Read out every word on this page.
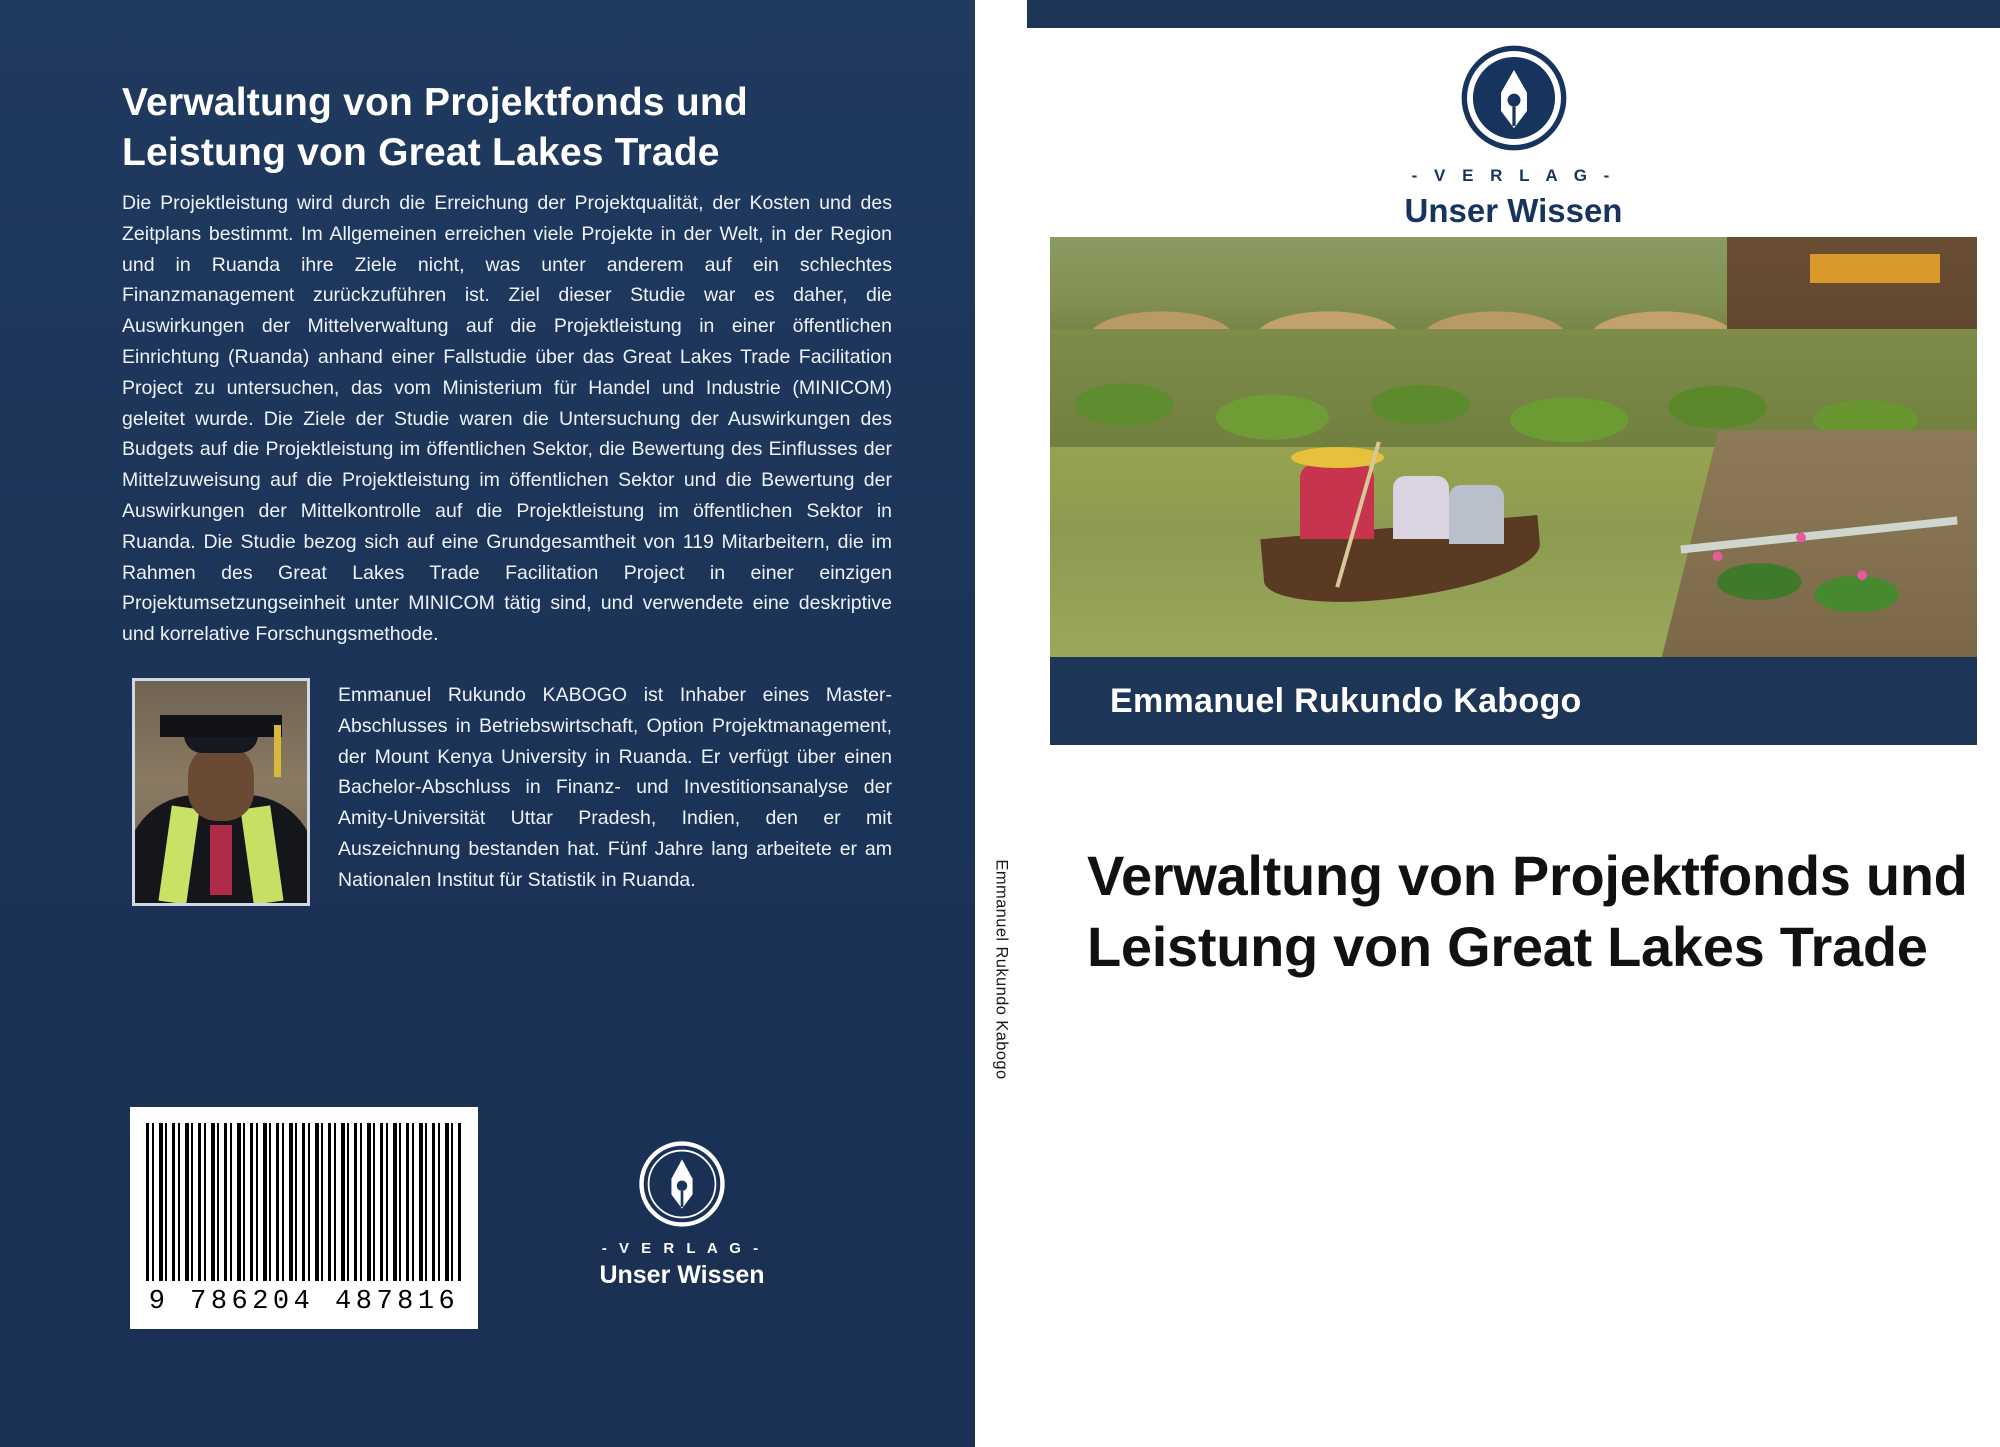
Verwaltung von Projektfonds und Leistung von Great Lakes Trade
Die Projektleistung wird durch die Erreichung der Projektqualität, der Kosten und des Zeitplans bestimmt. Im Allgemeinen erreichen viele Projekte in der Welt, in der Region und in Ruanda ihre Ziele nicht, was unter anderem auf ein schlechtes Finanzmanagement zurückzuführen ist. Ziel dieser Studie war es daher, die Auswirkungen der Mittelverwaltung auf die Projektleistung in einer öffentlichen Einrichtung (Ruanda) anhand einer Fallstudie über das Great Lakes Trade Facilitation Project zu untersuchen, das vom Ministerium für Handel und Industrie (MINICOM) geleitet wurde. Die Ziele der Studie waren die Untersuchung der Auswirkungen des Budgets auf die Projektleistung im öffentlichen Sektor, die Bewertung des Einflusses der Mittelzuweisung auf die Projektleistung im öffentlichen Sektor und die Bewertung der Auswirkungen der Mittelkontrolle auf die Projektleistung im öffentlichen Sektor in Ruanda. Die Studie bezog sich auf eine Grundgesamtheit von 119 Mitarbeitern, die im Rahmen des Great Lakes Trade Facilitation Project in einer einzigen Projektumsetzungseinheit unter MINICOM tätig sind, und verwendete eine deskriptive und korrelative Forschungsmethode.
Emmanuel Rukundo KABOGO ist Inhaber eines Master-Abschlusses in Betriebswirtschaft, Option Projektmanagement, der Mount Kenya University in Ruanda. Er verfügt über einen Bachelor-Abschluss in Finanz- und Investitionsanalyse der Amity-Universität Uttar Pradesh, Indien, den er mit Auszeichnung bestanden hat. Fünf Jahre lang arbeitete er am Nationalen Institut für Statistik in Ruanda.
9 786204 487816
- V E R L A G -
Unser Wissen
Emmanuel Rukundo Kabogo
- V E R L A G -
Unser Wissen
Emmanuel Rukundo Kabogo
Verwaltung von Projektfonds und Leistung von Great Lakes Trade
